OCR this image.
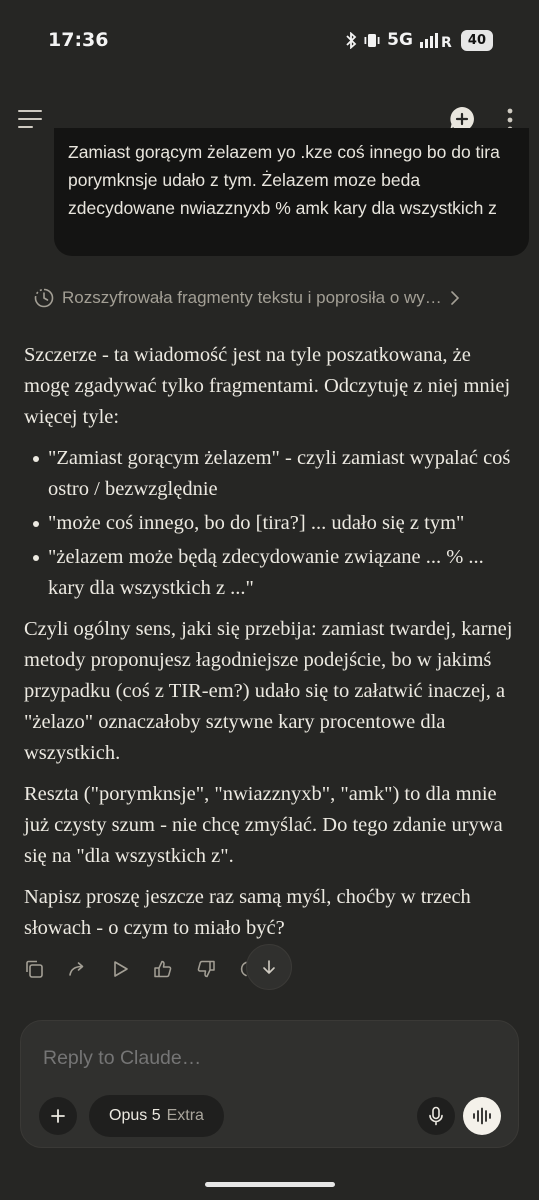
17:36	5G R	40
Zamiast gorącym żelazem yo .kze coś innego bo do tira porymknsje udało z tym. Żelazem moze beda zdecydowane nwiazznyxb % amk kary dla wszystkich z
Rozszyfrowała fragmenty tekstu i poprosiła o wy…

Szczerze - ta wiadomość jest na tyle poszatkowana, że mogę zgadywać tylko fragmentami. Odczytuję z niej mniej więcej tyle:

"Zamiast gorącym żelazem" - czyli zamiast wypalać coś ostro / bezwzględnie
"może coś innego, bo do [tira?] ... udało się z tym"
"żelazem może będą zdecydowanie związane ... % ... kary dla wszystkich z ..."

Czyli ogólny sens, jaki się przebija: zamiast twardej, karnej metody proponujesz łagodniejsze podejście, bo w jakimś przypadku (coś z TIR-em?) udało się to załatwić inaczej, a "żelazo" oznaczałoby sztywne kary procentowe dla wszystkich.

Reszta ("porymknsje", "nwiazznyxb", "amk") to dla mnie już czysty szum - nie chcę zmyślać. Do tego zdanie urywa się na "dla wszystkich z".

Napisz proszę jeszcze raz samą myśl, choćby w trzech słowach - o czym to miało być?

Reply to Claude…
Opus 5 Extra
